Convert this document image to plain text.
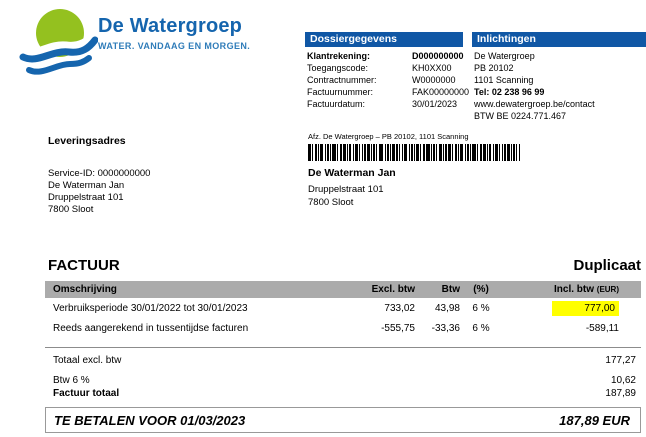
De Watergroep
WATER. VANDAAG EN MORGEN.
Dossiergegevens
Klantrekening:	D000000000
Toegangscode:	KH0XX00
Contractnummer:	W0000000
Factuurnummer:	FAK00000000
Factuurdatum:	30/01/2023
Inlichtingen
De Watergroep
PB 20102
1101 Scanning
Tel: 02 238 96 99
www.dewatergroep.be/contact
BTW BE 0224.771.467
Leveringsadres
Service-ID: 0000000000
De Waterman Jan
Druppelstraat 101
7800 Sloot
Afz. De Watergroep – PB 20102, 1101 Scanning
De Waterman Jan
Druppelstraat 101
7800 Sloot
FACTUUR	Duplicaat
Omschrijving	Excl. btw	Btw	(%)	Incl. btw (EUR)
Verbruiksperiode 30/01/2022 tot 30/01/2023	733,02	43,98	6 %	777,00
Reeds aangerekend in tussentijdse facturen	-555,75	-33,36	6 %	-589,11
Totaal excl. btw	177,27
Btw 6 %	10,62
Factuur totaal	187,89
TE BETALEN VOOR 01/03/2023	187,89 EUR
